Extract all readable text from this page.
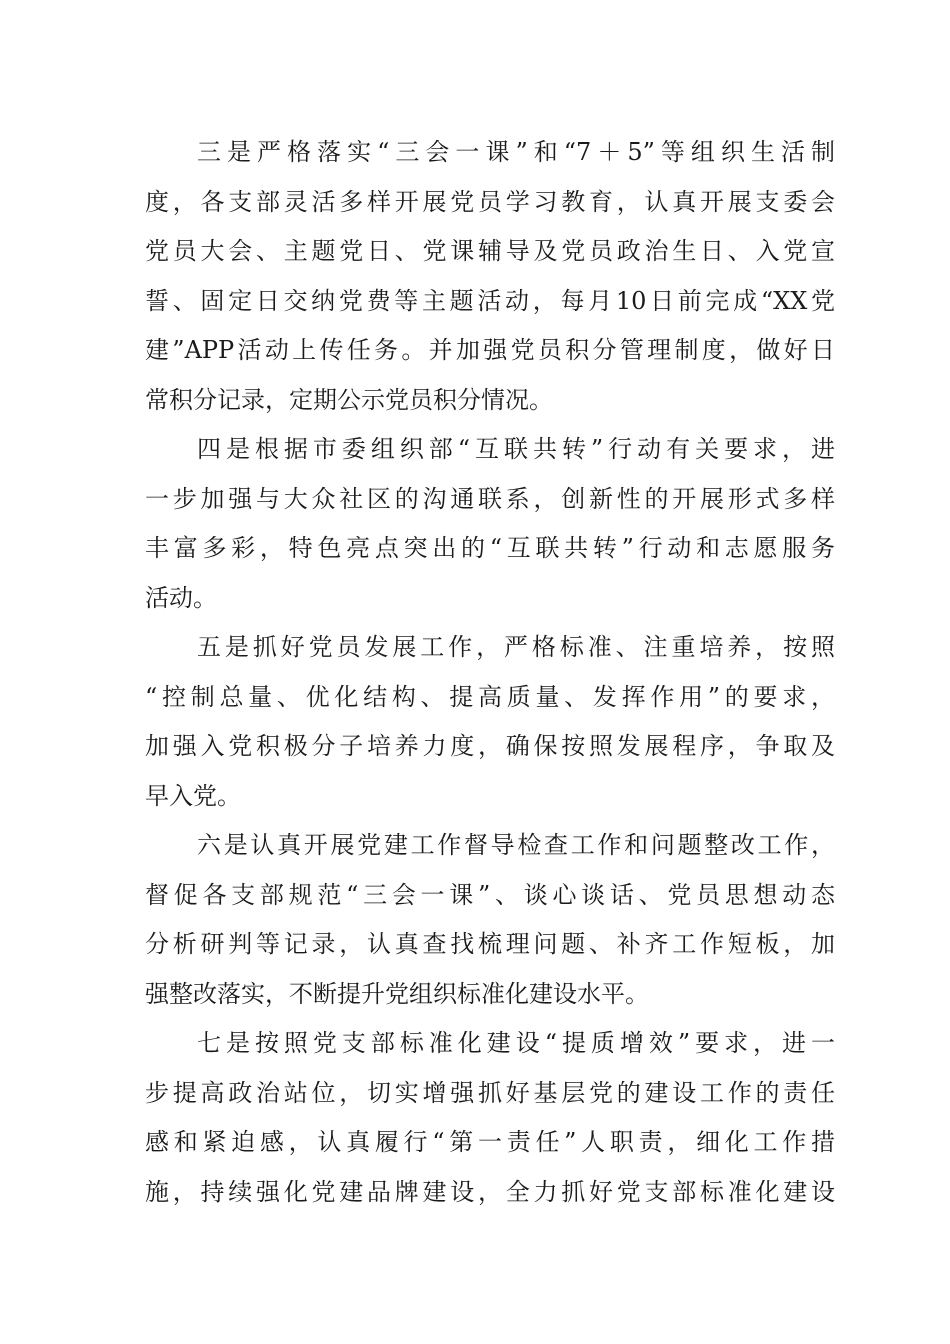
三是严格落实“三会一课”和“7＋5”等组织生活制
度，各支部灵活多样开展党员学习教育，认真开展支委会
党员大会、主题党日、党课辅导及党员政治生日、入党宣
誓、固定日交纳党费等主题活动，每月10日前完成“XX党
建”APP活动上传任务。并加强党员积分管理制度，做好日
常积分记录，定期公示党员积分情况。
四是根据市委组织部“互联共转”行动有关要求，进
一步加强与大众社区的沟通联系，创新性的开展形式多样
丰富多彩，特色亮点突出的“互联共转”行动和志愿服务
活动。
五是抓好党员发展工作，严格标准、注重培养，按照
“控制总量、优化结构、提高质量、发挥作用”的要求，
加强入党积极分子培养力度，确保按照发展程序，争取及
早入党。
六是认真开展党建工作督导检查工作和问题整改工作，
督促各支部规范“三会一课”、谈心谈话、党员思想动态
分析研判等记录，认真查找梳理问题、补齐工作短板，加
强整改落实，不断提升党组织标准化建设水平。
七是按照党支部标准化建设“提质增效”要求，进一
步提高政治站位，切实增强抓好基层党的建设工作的责任
感和紧迫感，认真履行“第一责任”人职责，细化工作措
施，持续强化党建品牌建设，全力抓好党支部标准化建设
